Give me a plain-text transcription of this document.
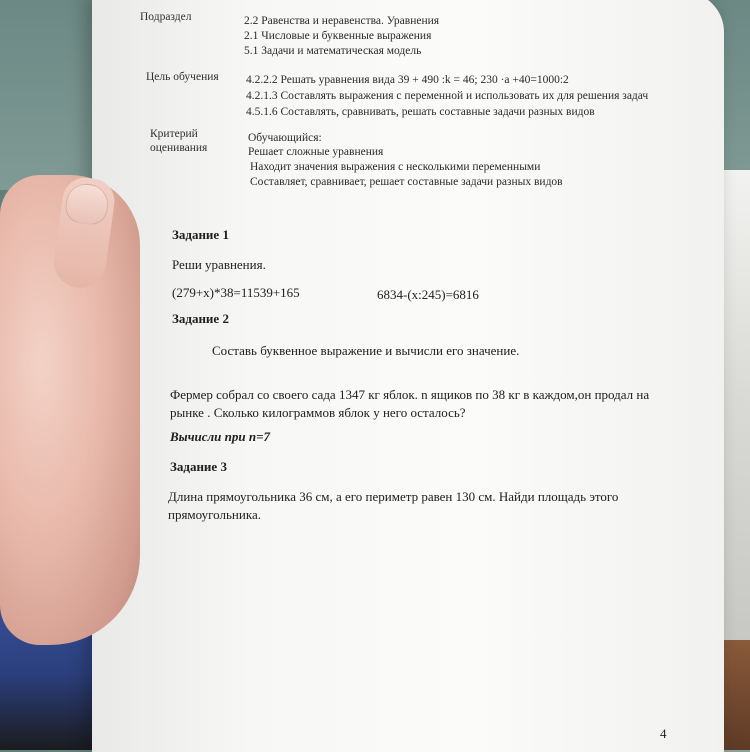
Подраздел	2.2 Равенства и неравенства. Уравнения
2.1 Числовые и буквенные выражения
5.1 Задачи и математическая модель
Цель обучения 4.2.2.2 Решать уравнения вида 39 + 490 :k = 46; 230 ·a +40=1000:2
4.2.1.3 Составлять выражения с переменной и использовать их для решения задач
4.5.1.6 Составлять, сравнивать, решать составные задачи разных видов
Критерий
оценивания
Обучающийся:
Решает сложные уравнения
Находит значения выражения с несколькими переменными
Составляет, сравнивает, решает составные задачи разных видов
Задание 1
Реши уравнения.
(279+x)*38=11539+165	6834-(x:245)=6816
Задание 2
Составь буквенное выражение и вычисли его значение.
Фермер собрал со своего сада 1347 кг яблок. n ящиков по 38 кг в каждом,он продал на
рынке . Сколько килограммов яблок у него осталось?
Вычисли при n=7
Задание 3
Длина прямоугольника 36 см, а его периметр равен 130 см. Найди площадь этого
прямоугольника.
4
